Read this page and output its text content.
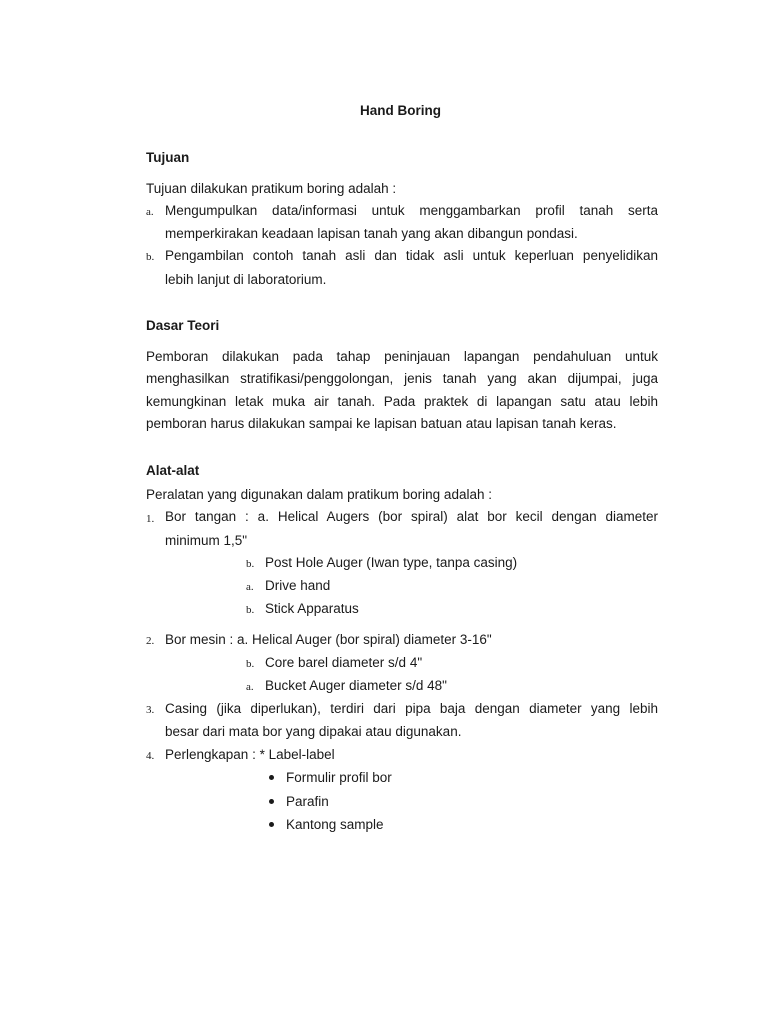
Hand Boring
Tujuan
Tujuan dilakukan pratikum boring adalah :
a. Mengumpulkan data/informasi untuk menggambarkan profil tanah serta
memperkirakan keadaan lapisan tanah yang akan dibangun pondasi.
b. Pengambilan contoh tanah asli dan tidak asli untuk keperluan penyelidikan
lebih lanjut di laboratorium.
Dasar Teori
Pemboran dilakukan pada tahap peninjauan lapangan pendahuluan untuk
menghasilkan stratifikasi/penggolongan, jenis tanah yang akan dijumpai, juga
kemungkinan letak muka air tanah. Pada praktek di lapangan satu atau lebih
pemboran harus dilakukan sampai ke lapisan batuan atau lapisan tanah keras.
Alat-alat
Peralatan yang digunakan dalam pratikum boring adalah :
1. Bor tangan : a. Helical Augers (bor spiral) alat bor kecil dengan diameter
minimum 1,5"
b. Post Hole Auger (Iwan type, tanpa casing)
a. Drive hand
b. Stick Apparatus
2. Bor mesin : a. Helical Auger (bor spiral) diameter 3-16"
b. Core barel diameter s/d 4"
a. Bucket Auger diameter s/d 48"
3. Casing (jika diperlukan), terdiri dari pipa baja dengan diameter yang lebih
besar dari mata bor yang dipakai atau digunakan.
4. Perlengkapan : * Label-label
Formulir profil bor
Parafin
Kantong sample
